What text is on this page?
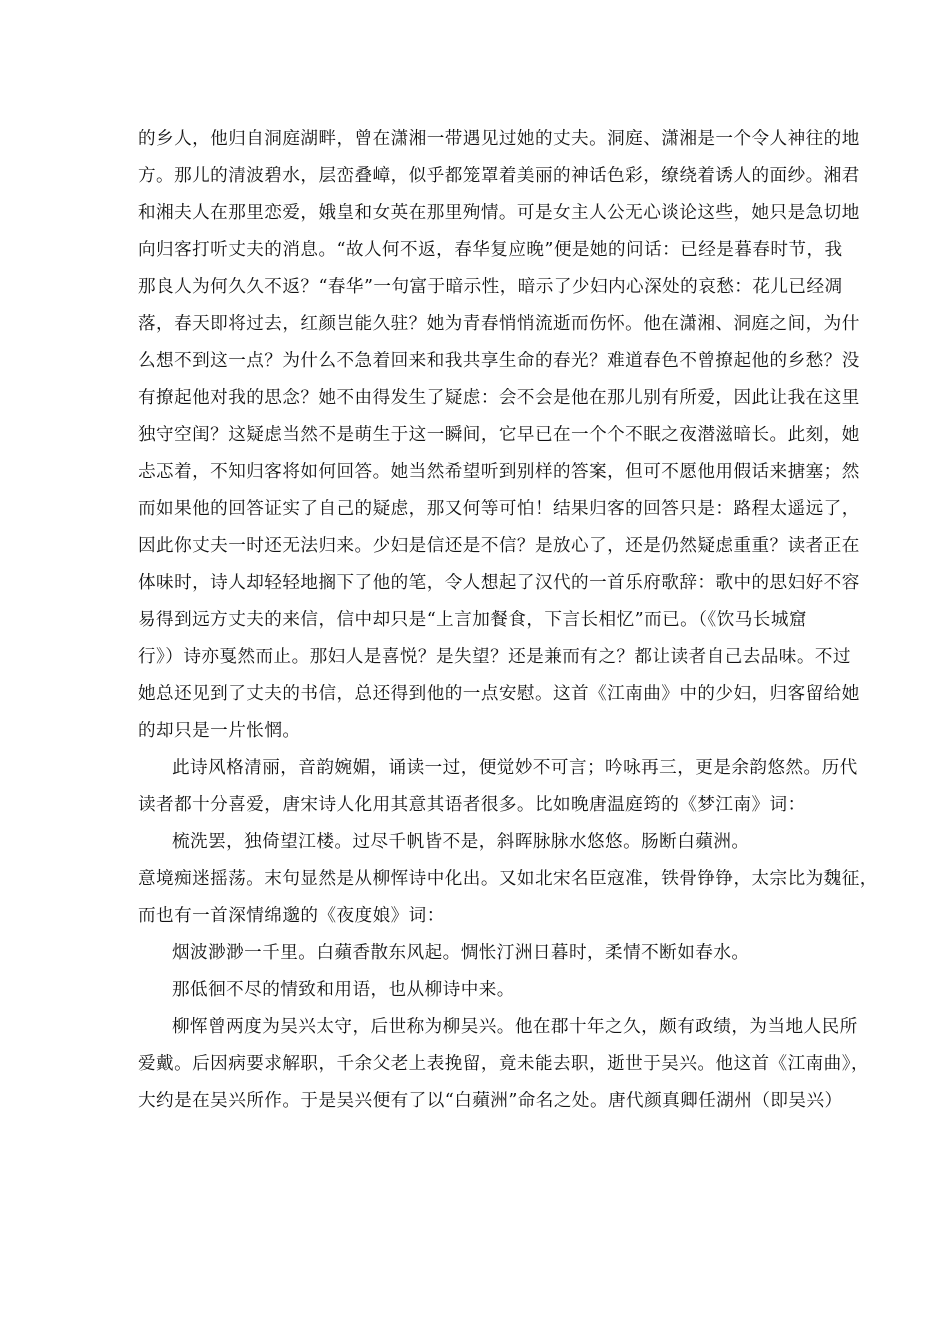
的乡人，他归自洞庭湖畔，曾在潇湘一带遇见过她的丈夫。洞庭、潇湘是一个令人神往的地
方。那儿的清波碧水，层峦叠嶂，似乎都笼罩着美丽的神话色彩，缭绕着诱人的面纱。湘君
和湘夫人在那里恋爱，娥皇和女英在那里殉情。可是女主人公无心谈论这些，她只是急切地
向归客打听丈夫的消息。“故人何不返，春华复应晚”便是她的问话：已经是暮春时节，我
那良人为何久久不返？“春华”一句富于暗示性，暗示了少妇内心深处的哀愁：花儿已经凋
落，春天即将过去，红颜岂能久驻？她为青春悄悄流逝而伤怀。他在潇湘、洞庭之间，为什
么想不到这一点？为什么不急着回来和我共享生命的春光？难道春色不曾撩起他的乡愁？没
有撩起他对我的思念？她不由得发生了疑虑：会不会是他在那儿别有所爱，因此让我在这里
独守空闺？这疑虑当然不是萌生于这一瞬间，它早已在一个个不眠之夜潜滋暗长。此刻，她
忐忑着，不知归客将如何回答。她当然希望听到别样的答案，但可不愿他用假话来搪塞；然
而如果他的回答证实了自己的疑虑，那又何等可怕！结果归客的回答只是：路程太遥远了，
因此你丈夫一时还无法归来。少妇是信还是不信？是放心了，还是仍然疑虑重重？读者正在
体味时，诗人却轻轻地搁下了他的笔，令人想起了汉代的一首乐府歌辞：歌中的思妇好不容
易得到远方丈夫的来信，信中却只是“上言加餐食，下言长相忆”而已。（《饮马长城窟
行》）诗亦戛然而止。那妇人是喜悦？是失望？还是兼而有之？都让读者自己去品味。不过
她总还见到了丈夫的书信，总还得到他的一点安慰。这首《江南曲》中的少妇，归客留给她
的却只是一片怅惘。
此诗风格清丽，音韵婉媚，诵读一过，便觉妙不可言；吟咏再三，更是余韵悠然。历代
读者都十分喜爱，唐宋诗人化用其意其语者很多。比如晚唐温庭筠的《梦江南》词：
梳洗罢，独倚望江楼。过尽千帆皆不是，斜晖脉脉水悠悠。肠断白蘋洲。
意境痴迷摇荡。末句显然是从柳恽诗中化出。又如北宋名臣寇准，铁骨铮铮，太宗比为魏征，
而也有一首深情绵邈的《夜度娘》词：
烟波渺渺一千里。白蘋香散东风起。惆怅汀洲日暮时，柔情不断如春水。
那低徊不尽的情致和用语，也从柳诗中来。
柳恽曾两度为吴兴太守，后世称为柳吴兴。他在郡十年之久，颇有政绩，为当地人民所
爱戴。后因病要求解职，千余父老上表挽留，竟未能去职，逝世于吴兴。他这首《江南曲》，
大约是在吴兴所作。于是吴兴便有了以“白蘋洲”命名之处。唐代颜真卿任湖州（即吴兴）
